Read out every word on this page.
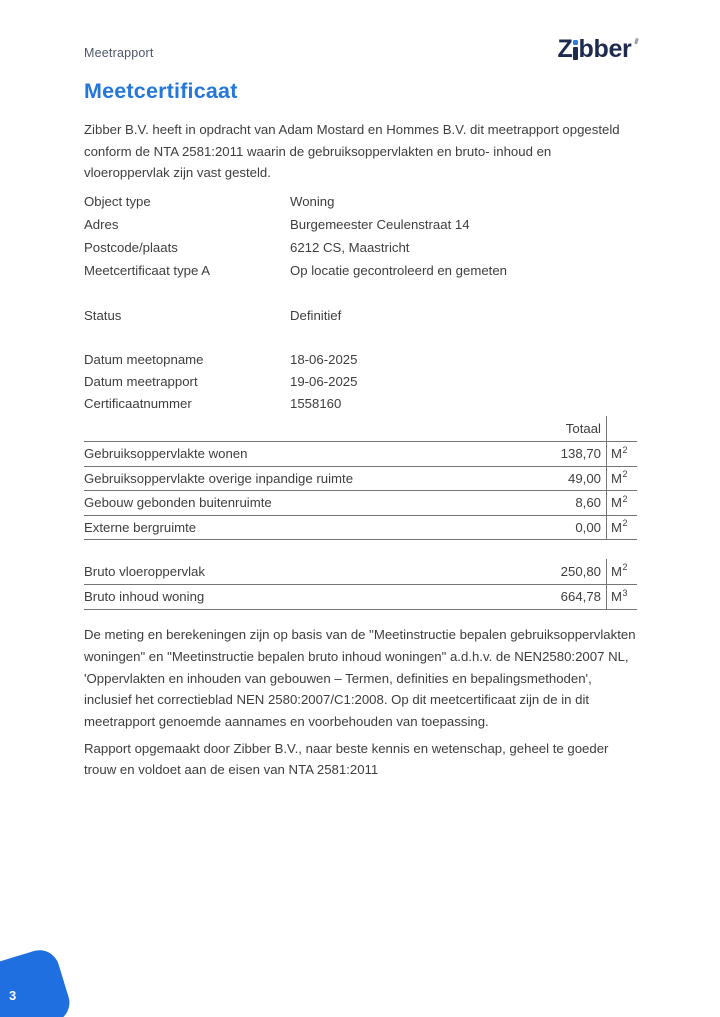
Meetrapport	Z bber
Meetcertificaat

Zibber B.V. heeft in opdracht van Adam Mostard en Hommes B.V. dit meetrapport opgesteld conform de NTA 2581:2011 waarin de gebruiksoppervlakten en bruto- inhoud en vloeroppervlak zijn vast gesteld.

Object type	Woning
Adres	Burgemeester Ceulenstraat 14
Postcode/plaats	6212 CS, Maastricht
Meetcertificaat type A	Op locatie gecontroleerd en gemeten
Status	Definitief
Datum meetopname	18-06-2025
Datum meetrapport	19-06-2025
Certificaatnummer	1558160
Totaal
Gebruiksoppervlakte wonen	138,70 $M^2$
Gebruiksoppervlakte overige inpandige ruimte	49,00 $M^2$
Gebouw gebonden buitenruimte	8,60 $M^2$
Externe bergruimte	0,00 $M^2$
Bruto vloeroppervlak	250,80 $M^2$
Bruto inhoud woning	664,78 $M^3$

De meting en berekeningen zijn op basis van de "Meetinstructie bepalen gebruiksoppervlakten woningen" en "Meetinstructie bepalen bruto inhoud woningen" a.d.h.v. de NEN2580:2007 NL, 'Oppervlakten en inhouden van gebouwen – Termen, definities en bepalingsmethoden', inclusief het correctieblad NEN 2580:2007/C1:2008. Op dit meetcertificaat zijn de in dit meetrapport genoemde aannames en voorbehouden van toepassing.

Rapport opgemaakt door Zibber B.V., naar beste kennis en wetenschap, geheel te goeder trouw en voldoet aan de eisen van NTA 2581:2011

3
